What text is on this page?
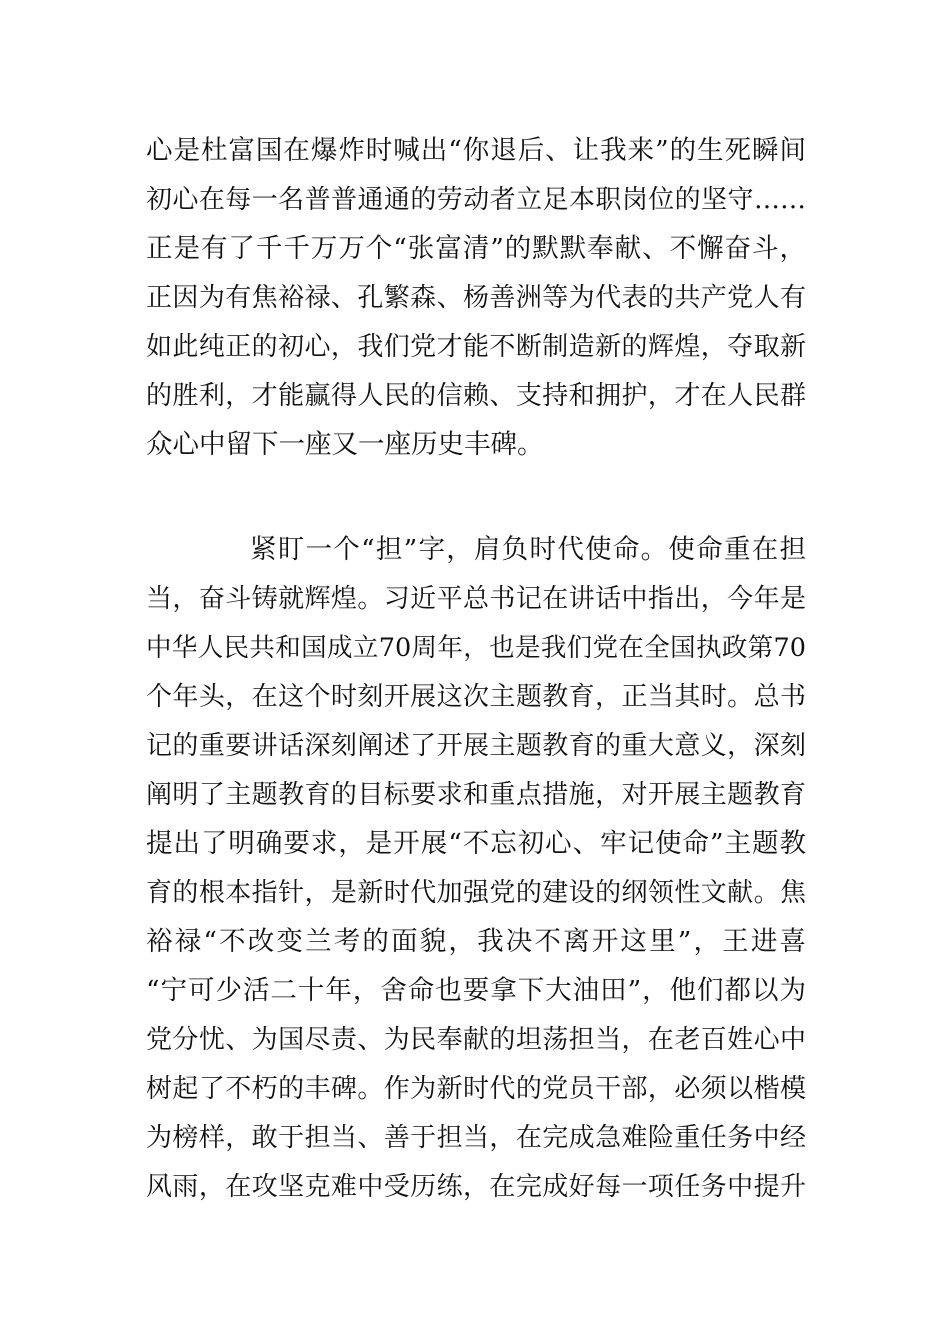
心是杜富国在爆炸时喊出“你退后、让我来”的生死瞬间
初心在每一名普普通通的劳动者立足本职岗位的坚守……
正是有了千千万万个“张富清”的默默奉献、不懈奋斗，
正因为有焦裕禄、孔繁森、杨善洲等为代表的共产党人有
如此纯正的初心，我们党才能不断制造新的辉煌，夺取新
的胜利，才能赢得人民的信赖、支持和拥护，才在人民群
众心中留下一座又一座历史丰碑。
紧盯一个“担”字，肩负时代使命。使命重在担
当，奋斗铸就辉煌。习近平总书记在讲话中指出，今年是
中华人民共和国成立70周年，也是我们党在全国执政第70
个年头，在这个时刻开展这次主题教育，正当其时。总书
记的重要讲话深刻阐述了开展主题教育的重大意义，深刻
阐明了主题教育的目标要求和重点措施，对开展主题教育
提出了明确要求，是开展“不忘初心、牢记使命”主题教
育的根本指针，是新时代加强党的建设的纲领性文献。焦
裕禄“不改变兰考的面貌，我决不离开这里”，王进喜
“宁可少活二十年，舍命也要拿下大油田”，他们都以为
党分忧、为国尽责、为民奉献的坦荡担当，在老百姓心中
树起了不朽的丰碑。作为新时代的党员干部，必须以楷模
为榜样，敢于担当、善于担当，在完成急难险重任务中经
风雨，在攻坚克难中受历练，在完成好每一项任务中提升
